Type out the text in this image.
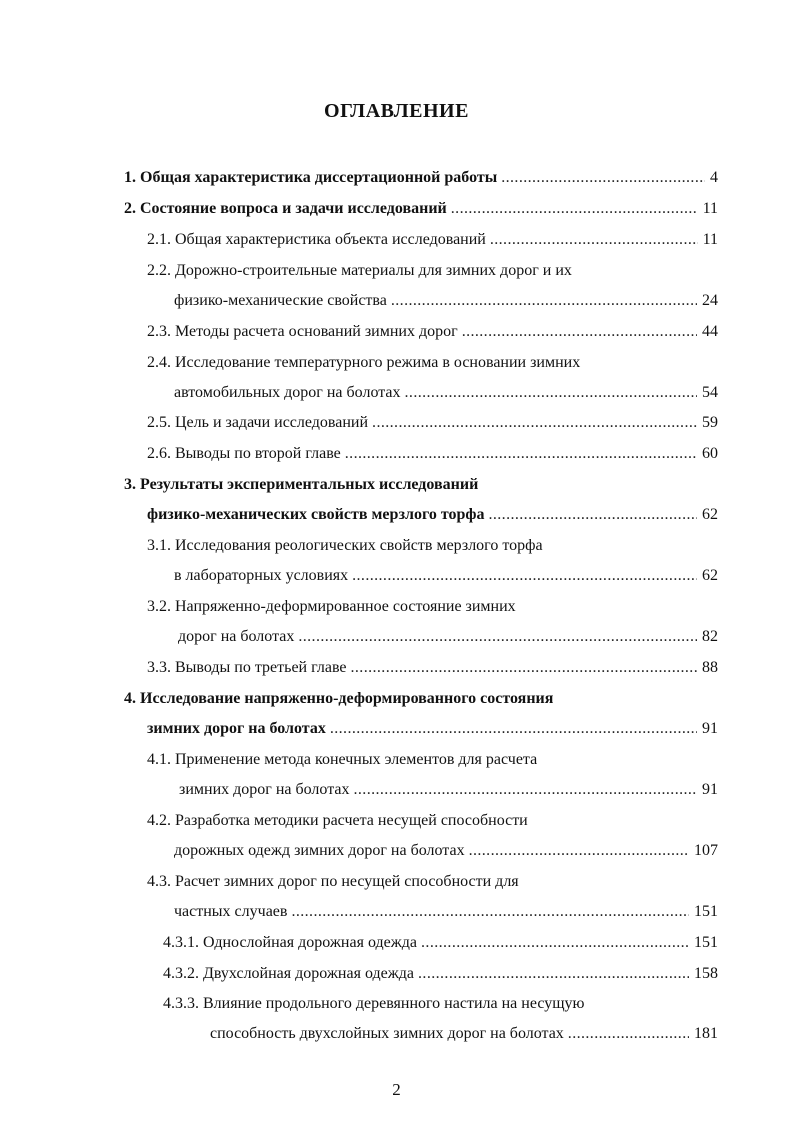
ОГЛАВЛЕНИЕ
1. Общая характеристика диссертационной работы .....	4
2. Состояние вопроса и задачи исследований .....	11
2.1. Общая характеристика объекта исследований .....	11
2.2. Дорожно-строительные материалы для зимних дорог и их
физико-механические свойства .....	24
2.3. Методы расчета оснований зимних дорог .....	44
2.4. Исследование температурного режима в основании зимних
автомобильных дорог на болотах .....	54
2.5. Цель и задачи исследований .....	59
2.6. Выводы по второй главе .....	60
3. Результаты экспериментальных исследований
физико-механических свойств мерзлого торфа .....	62
3.1. Исследования реологических свойств мерзлого торфа
в лабораторных условиях .....	62
3.2. Напряженно-деформированное состояние зимних
дорог на болотах .....	82
3.3. Выводы по третьей главе .....	88
4. Исследование напряженно-деформированного состояния
зимних дорог на болотах .....	91
4.1. Применение метода конечных элементов для расчета
зимних дорог на болотах .....	91
4.2. Разработка методики расчета несущей способности
дорожных одежд зимних дорог на болотах .....	107
4.3. Расчет зимних дорог по несущей способности для
частных случаев .....	151
4.3.1. Однослойная дорожная одежда .....	151
4.3.2. Двухслойная дорожная одежда .....	158
4.3.3. Влияние продольного деревянного настила на несущую
способность двухслойных зимних дорог на болотах .....	181
2
